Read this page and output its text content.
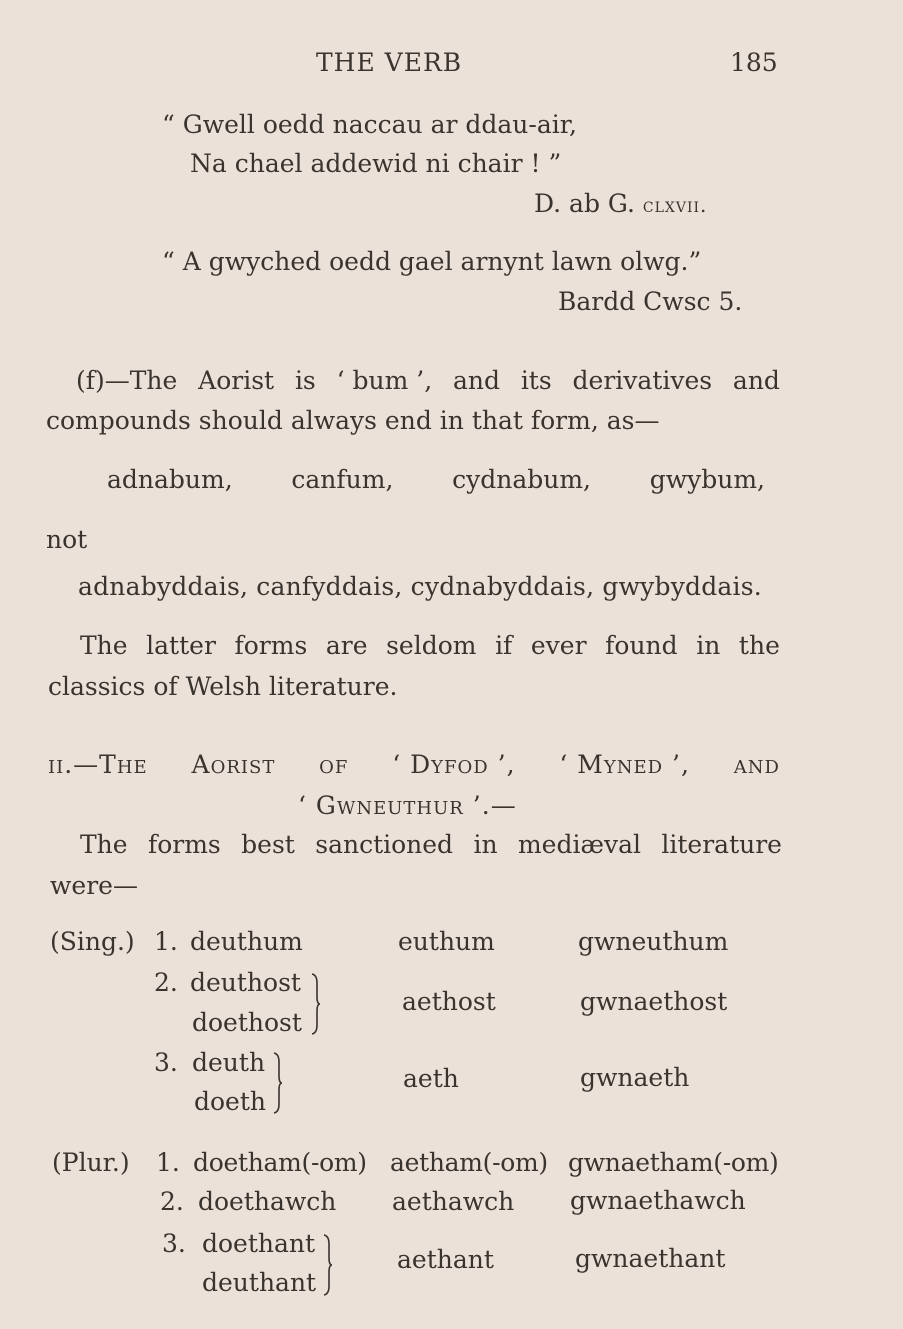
THE VERB	185
“ Gwell oedd naccau ar ddau-air,
Na chael addewid ni chair ! ”
D. ab G. clxvii.
“ A gwyched oedd gael arnynt lawn olwg.”
Bardd Cwsc 5.
(f)—The Aorist is ‘ bum ’, and its derivatives and
compounds should always end in that form, as—
adnabum, canfum, cydnabum, gwybum,
not
adnabyddais, canfyddais, cydnabyddais, gwybyddais.
The latter forms are seldom if ever found in the
classics of Welsh literature.
ii.—The Aorist of ‘ Dyfod ’, ‘ Myned ’, and
‘ Gwneuthur ’.—
The forms best sanctioned in mediæval literature
were—
(Sing.) 1. deuthum	euthum	gwneuthum
2. deuthost
doethost
aethost	gwnaethost
3. deuth
doeth
aeth	gwnaeth
(Plur.) 1. doetham(-om) aetham(-om) gwnaetham(-om)
2. doethawch aethawch gwnaethawch
3. doethant
deuthant
aethant	gwnaethant
